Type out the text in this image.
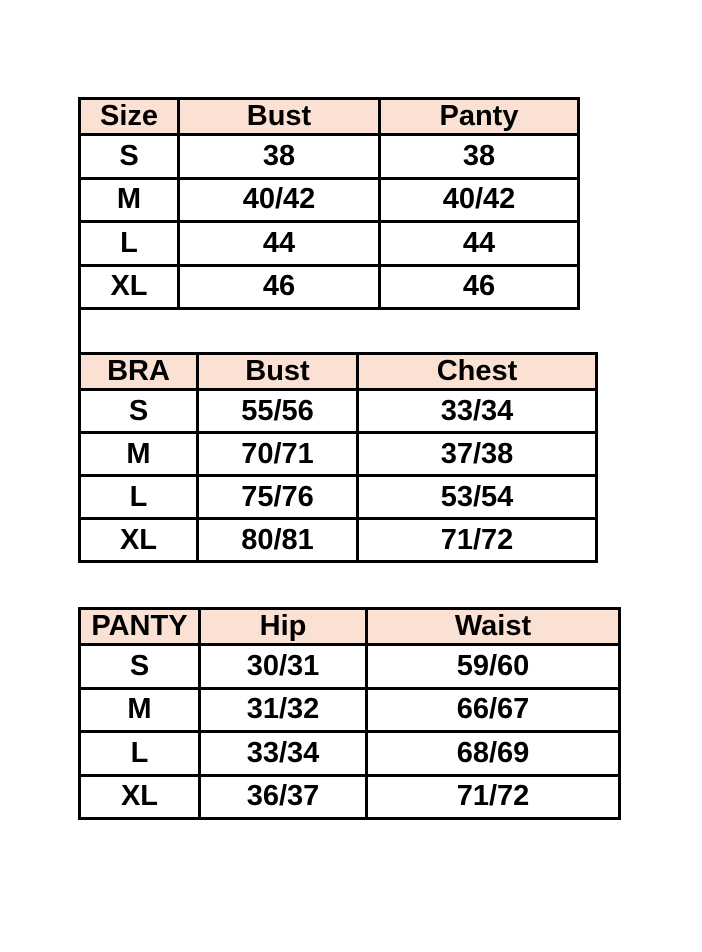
Size	Bust	Panty
S	38	38
M	40/42	40/42
L	44	44
XL	46	46
BRA	Bust	Chest
S	55/56	33/34
M	70/71	37/38
L	75/76	53/54
XL	80/81	71/72
PANTY	Hip	Waist
S	30/31	59/60
M	31/32	66/67
L	33/34	68/69
XL	36/37	71/72
